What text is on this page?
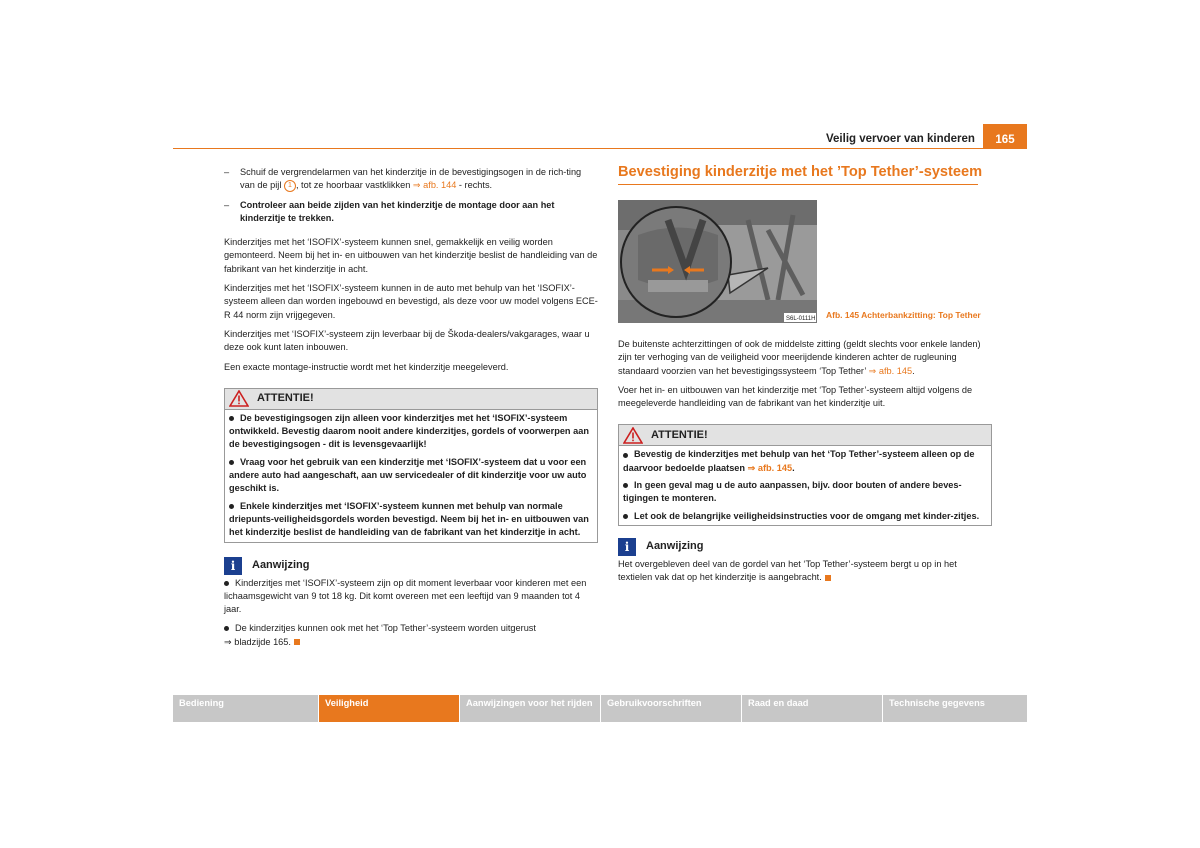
Veilig vervoer van kinderen	165
–	Schuif de vergrendelarmen van het kinderzitje in de bevestigingsogen in de rich-ting van de pijl 1 , tot ze hoorbaar vastklikken ⇒ afb. 144 - rechts.
–	Controleer aan beide zijden van het kinderzitje de montage door aan het kinderzitje te trekken.

Kinderzitjes met het ‘ISOFIX’-systeem kunnen snel, gemakkelijk en veilig worden gemonteerd. Neem bij het in- en uitbouwen van het kinderzitje beslist de handleiding van de fabrikant van het kinderzitje in acht.

Kinderzitjes met het ‘ISOFIX’-systeem kunnen in de auto met behulp van het ‘ISOFIX’-systeem alleen dan worden ingebouwd en bevestigd, als deze voor uw model volgens ECE-R 44 norm zijn vrijgegeven.

Kinderzitjes met ‘ISOFIX’-systeem zijn leverbaar bij de Škoda-dealers/vakgarages, waar u deze ook kunt laten inbouwen.

Een exacte montage-instructie wordt met het kinderzitje meegeleverd.

ATTENTIE!
De bevestigingsogen zijn alleen voor kinderzitjes met het ‘ISOFIX’-systeem ontwikkeld. Bevestig daarom nooit andere kinderzitjes, gordels of voorwerpen aan de bevestigingsogen - dit is levensgevaarlijk!
Vraag voor het gebruik van een kinderzitje met ‘ISOFIX’-systeem dat u voor een andere auto had aangeschaft, aan uw servicedealer of dit kinderzitje voor uw auto geschikt is.
Enkele kinderzitjes met ‘ISOFIX’-systeem kunnen met behulp van normale driepunts-veiligheidsgordels worden bevestigd. Neem bij het in- en uitbouwen van het kinderzitje beslist de handleiding van de fabrikant van het kinderzitje in acht.
i	Aanwijzing

Kinderzitjes met ‘ISOFIX’-systeem zijn op dit moment leverbaar voor kinderen met een lichaamsgewicht van 9 tot 18 kg. Dit komt overeen met een leeftijd van 9 maanden tot 4 jaar.

De kinderzitjes kunnen ook met het ‘Top Tether’-systeem worden uitgerust
⇒ bladzijde 165.

Bevestiging kinderzitje met het ’Top Tether’-systeem
S6L-0111H Afb. 145 Achterbankzitting: Top Tether

De buitenste achterzittingen of ook de middelste zitting (geldt slechts voor enkele landen) zijn ter verhoging van de veiligheid voor meerijdende kinderen achter de rugleuning standaard voorzien van het bevestigingssysteem ‘Top Tether’ ⇒ afb. 145.

Voer het in- en uitbouwen van het kinderzitje met ‘Top Tether’-systeem altijd volgens de meegeleverde handleiding van de fabrikant van het kinderzitje uit.

ATTENTIE!
Bevestig de kinderzitjes met behulp van het ‘Top Tether’-systeem alleen op de daarvoor bedoelde plaatsen ⇒ afb. 145.
In geen geval mag u de auto aanpassen, bijv. door bouten of andere beves-tigingen te monteren.
Let ook de belangrijke veiligheidsinstructies voor de omgang met kinder-zitjes.
i	Aanwijzing

Het overgebleven deel van de gordel van het ‘Top Tether’-systeem bergt u op in het textielen vak dat op het kinderzitje is aangebracht.

Bediening	Veiligheid	Aanwijzingen voor het rijden	Gebruikvoorschriften	Raad en daad	Technische gegevens
